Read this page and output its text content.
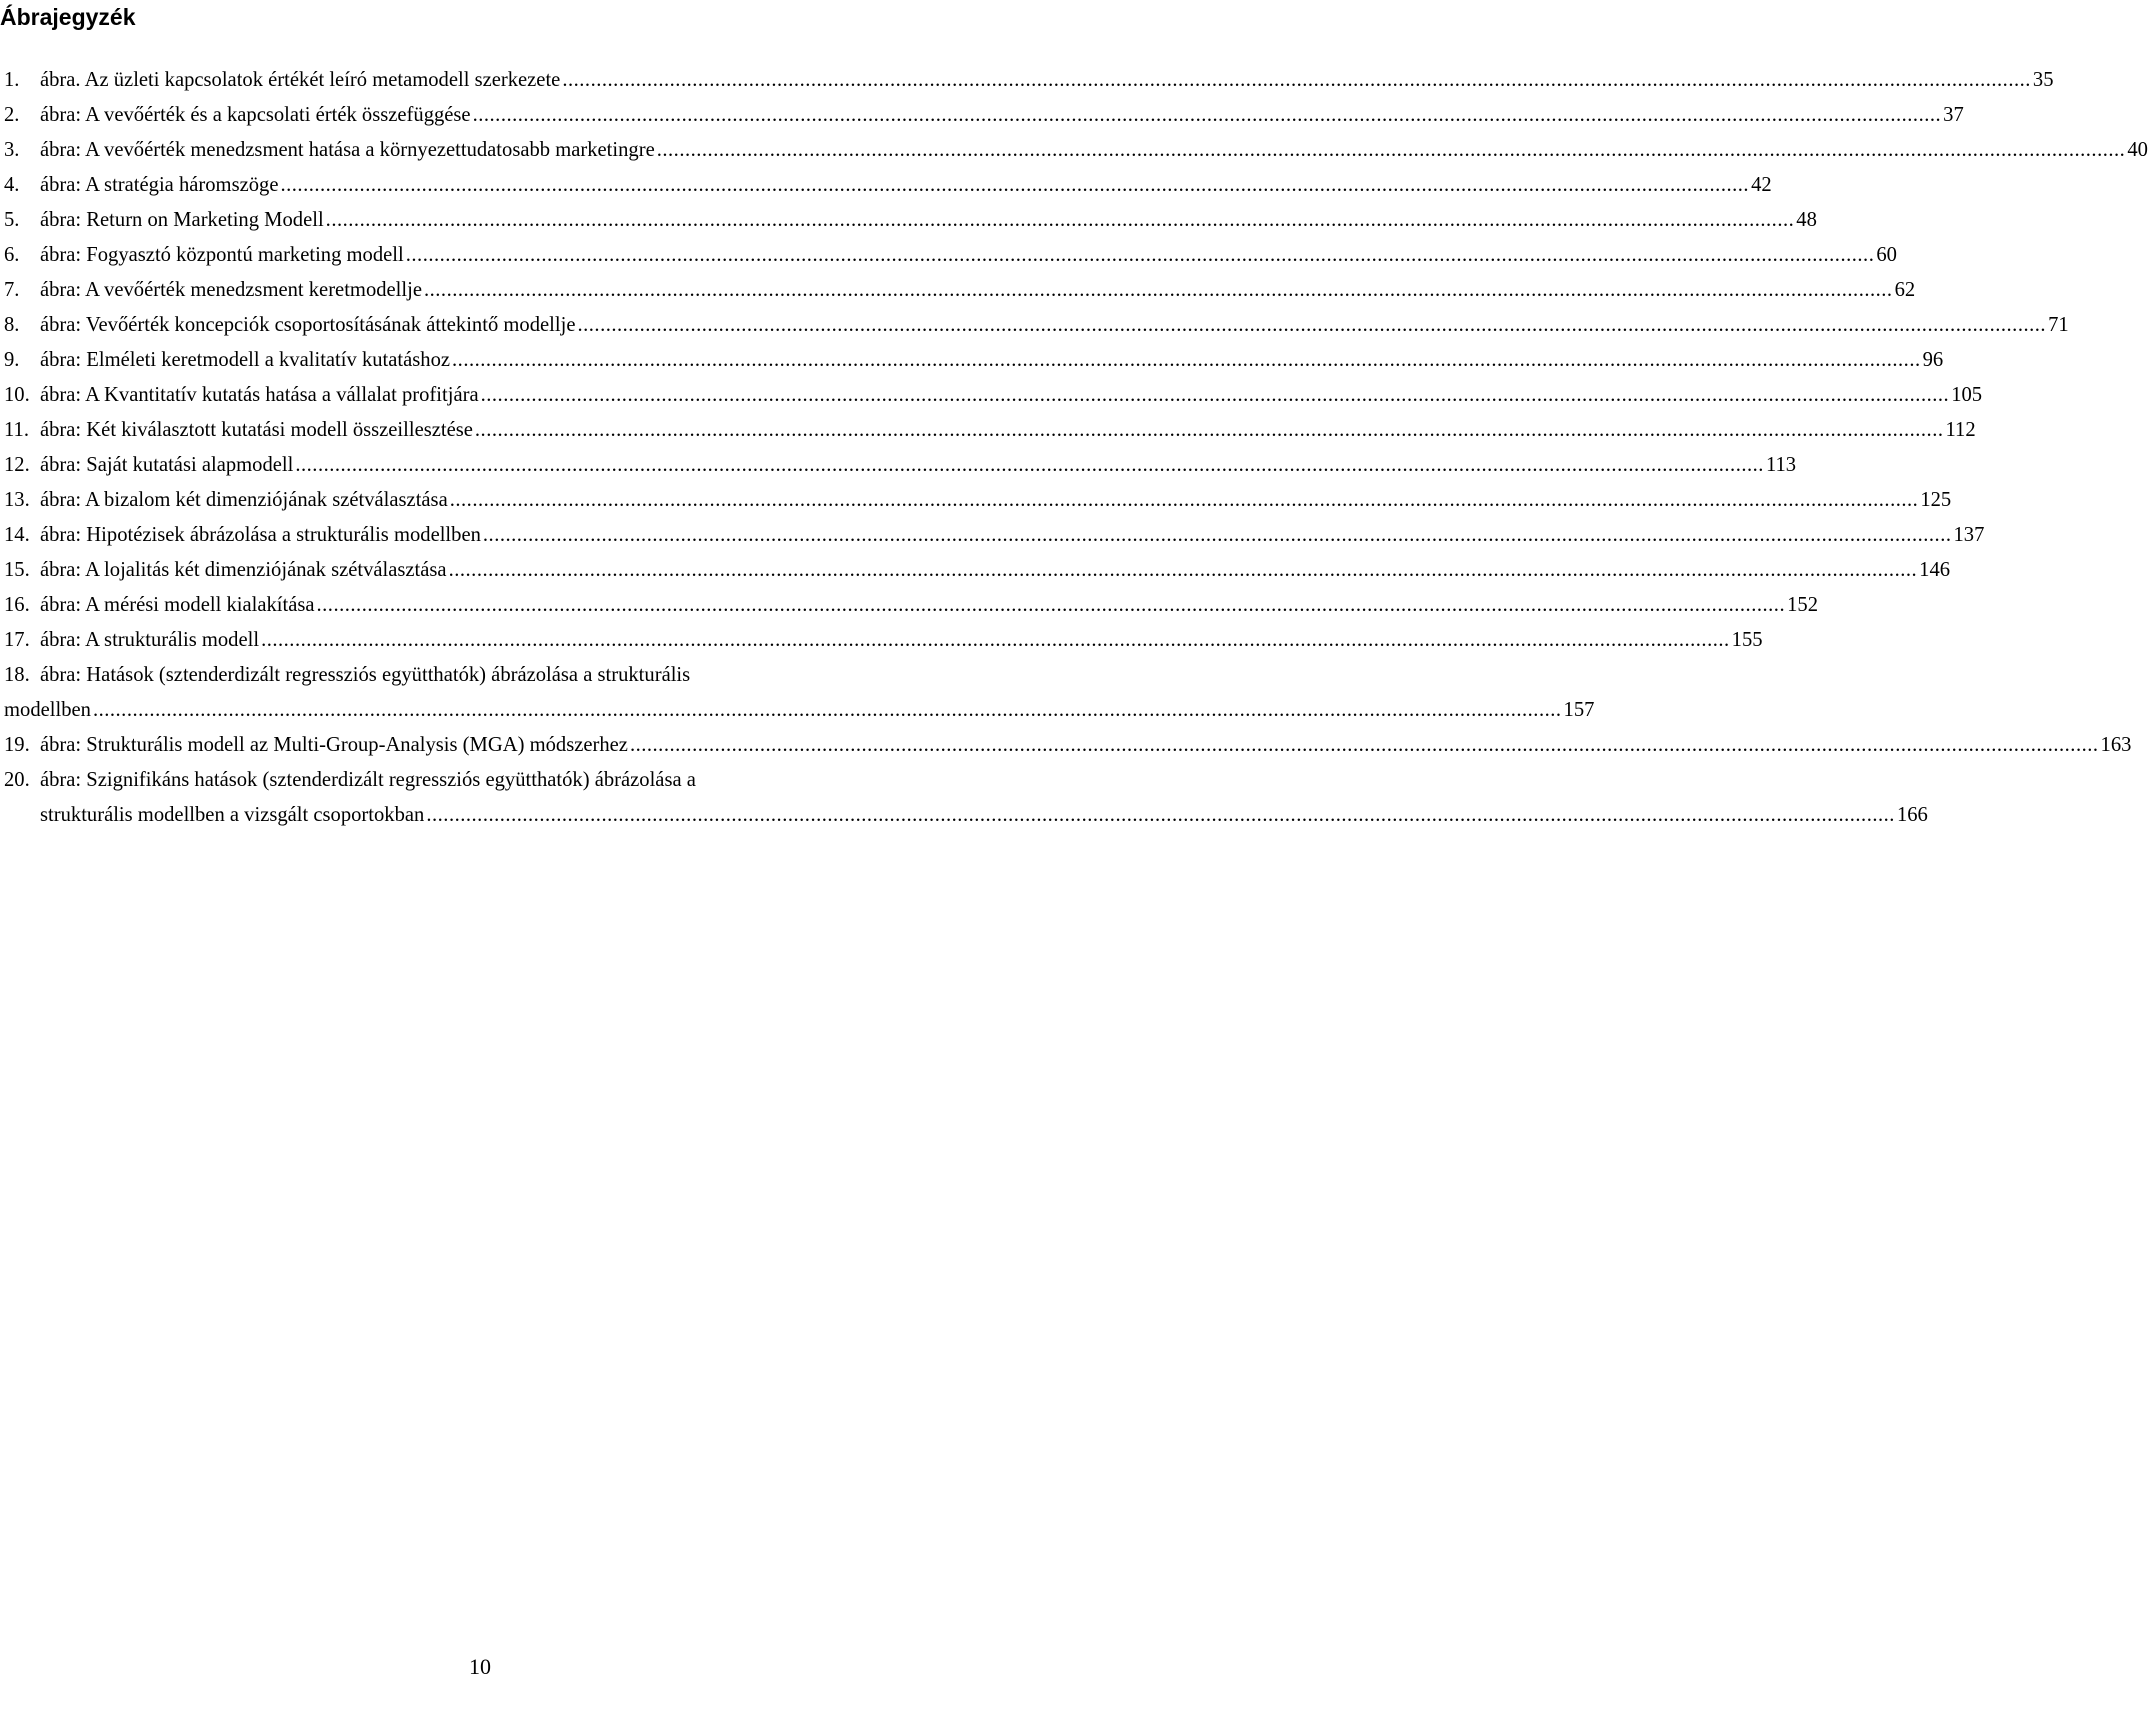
Ábrajegyzék
1. ábra. Az üzleti kapcsolatok értékét leíró metamodell szerkezete .....	35
2. ábra: A vevőérték és a kapcsolati érték összefüggése .....	37
3. ábra: A vevőérték menedzsment hatása a környezettudatosabb marketingre .....	40
4. ábra: A stratégia háromszöge .....	42
5. ábra: Return on Marketing Modell .....	48
6. ábra: Fogyasztó központú marketing modell .....	60
7. ábra: A vevőérték menedzsment keretmodellje .....	62
8. ábra: Vevőérték koncepciók csoportosításának áttekintő modellje .....	71
9. ábra: Elméleti keretmodell a kvalitatív kutatáshoz .....	96
10. ábra: A Kvantitatív kutatás hatása a vállalat profitjára .....	105
11. ábra: Két kiválasztott kutatási modell összeillesztése .....	112
12. ábra: Saját kutatási alapmodell .....	113
13. ábra: A bizalom két dimenziójának szétválasztása .....	125
14. ábra: Hipotézisek ábrázolása a strukturális modellben .....	137
15. ábra: A lojalitás két dimenziójának szétválasztása .....	146
16. ábra: A mérési modell kialakítása .....	152
17. ábra: A strukturális modell .....	155
18. ábra: Hatások (sztenderdizált regressziós együtthatók) ábrázolása a strukturális
modellben .....	157
19. ábra: Strukturális modell az Multi-Group-Analysis (MGA) módszerhez .....	163
20. ábra: Szignifikáns hatások (sztenderdizált regressziós együtthatók) ábrázolása a
strukturális modellben a vizsgált csoportokban .....	166
10
